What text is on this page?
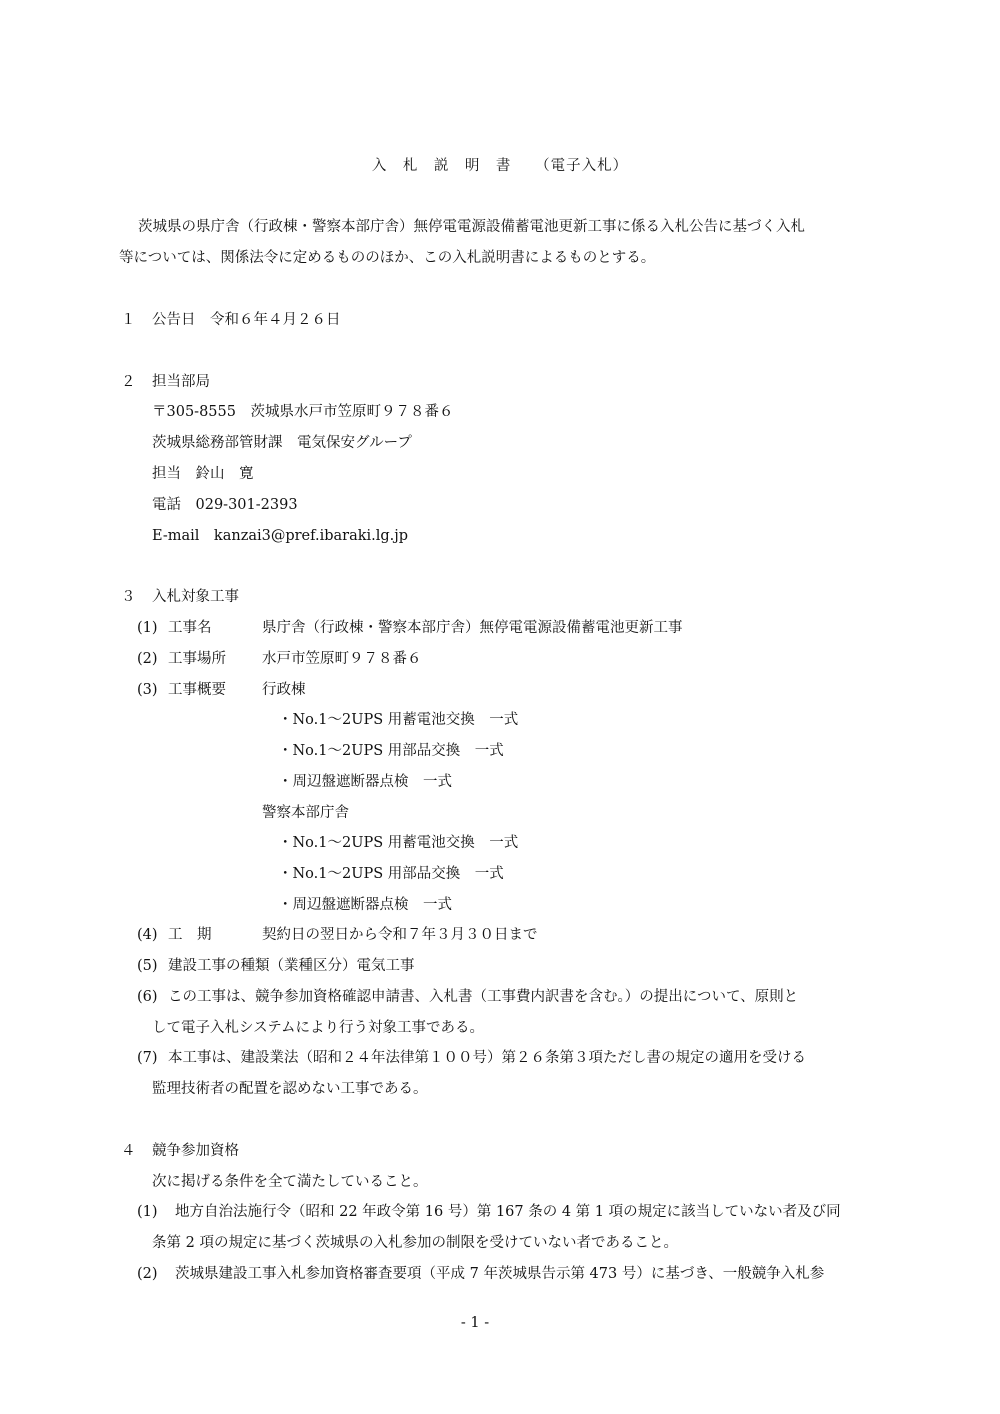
入　札　説　明　書　　（電子入札）
茨城県の県庁舎（行政棟・警察本部庁舎）無停電電源設備蓄電池更新工事に係る入札公告に基づく入札
等については、関係法令に定めるもののほか、この入札説明書によるものとする。
１ 公告日　令和６年４月２６日
２ 担当部局
〒305-8555　茨城県水戸市笠原町９７８番６
茨城県総務部管財課　電気保安グループ
担当　鈴山　寛
電話　029-301-2393
E-mail　kanzai3@pref.ibaraki.lg.jp
３ 入札対象工事
(1) 工事名	県庁舎（行政棟・警察本部庁舎）無停電電源設備蓄電池更新工事
(2) 工事場所 水戸市笠原町９７８番６
(3) 工事概要 行政棟
・No.1～2UPS 用蓄電池交換　一式
・No.1～2UPS 用部品交換　一式
・周辺盤遮断器点検　一式
警察本部庁舎
・No.1～2UPS 用蓄電池交換　一式
・No.1～2UPS 用部品交換　一式
・周辺盤遮断器点検　一式
(4) 工　期	契約日の翌日から令和７年３月３０日まで
(5) 建設工事の種類（業種区分）電気工事
(6) この工事は、競争参加資格確認申請書、入札書（工事費内訳書を含む。）の提出について、原則と
して電子入札システムにより行う対象工事である。
(7) 本工事は、建設業法（昭和２４年法律第１００号）第２６条第３項ただし書の規定の適用を受ける
監理技術者の配置を認めない工事である。
４ 競争参加資格
次に掲げる条件を全て満たしていること。
(1) 地方自治法施行令（昭和 22 年政令第 16 号）第 167 条の 4 第 1 項の規定に該当していない者及び同
条第 2 項の規定に基づく茨城県の入札参加の制限を受けていない者であること。
(2) 茨城県建設工事入札参加資格審査要項（平成 7 年茨城県告示第 473 号）に基づき、一般競争入札参
- 1 -
